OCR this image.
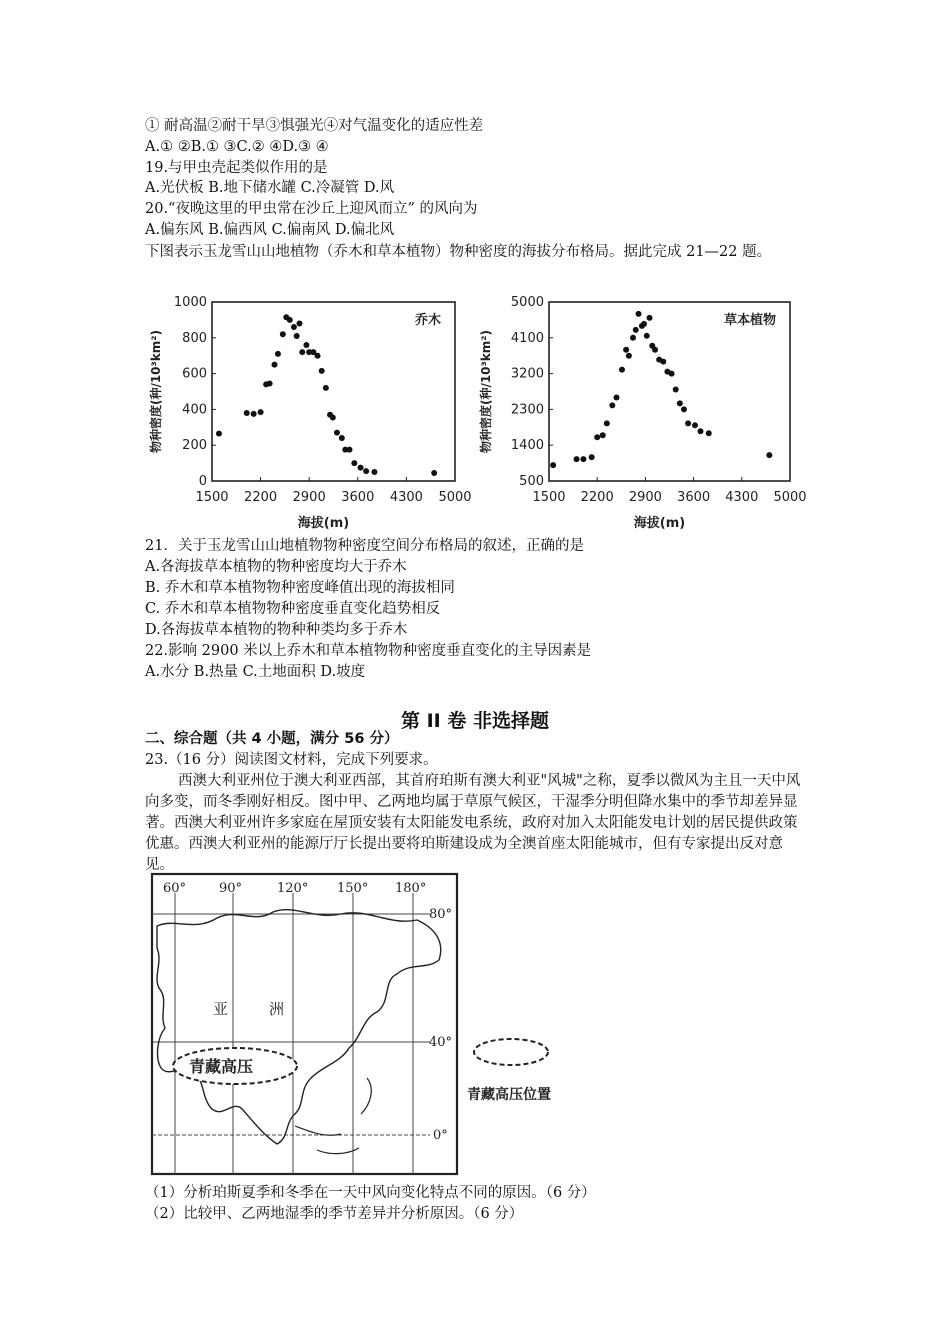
① 耐高温②耐干旱③惧强光④对气温变化的适应性差
A.① ②B.① ③C.② ④D.③ ④
19.与甲虫壳起类似作用的是
A.光伏板 B.地下储水罐 C.冷凝管 D.风
20.“夜晚这里的甲虫常在沙丘上迎风而立” 的风向为
A.偏东风 B.偏西风 C.偏南风 D.偏北风
下图表示玉龙雪山山地植物（乔木和草本植物）物种密度的海拔分布格局。据此完成 21—22 题。
1500 2200 2900 3600 4300 5000
0
200
400
600
800
1000
乔木
海拔(m)
物种密度(种/10³km²)
1500 2200 2900 3600 4300 5000
500
1400
2300
3200
4100
5000
草本植物
海拔(m)
物种密度(种/10³km²)
21．关于玉龙雪山山地植物物种密度空间分布格局的叙述，正确的是
A.各海拔草本植物的物种密度均大于乔木
B. 乔木和草本植物物种密度峰值出现的海拔相同
C. 乔木和草本植物物种密度垂直变化趋势相反
D.各海拔草本植物的物种种类均多于乔木
22.影响 2900 米以上乔木和草本植物物种密度垂直变化的主导因素是
A.水分 B.热量 C.土地面积 D.坡度
第 II 卷 非选择题
二、综合题（共 4 小题，满分 56 分）
23.（16 分）阅读图文材料，完成下列要求。
西澳大利亚州位于澳大利亚西部，其首府珀斯有澳大利亚"风城"之称，夏季以微风为主且一天中风向多变，而冬季刚好相反。图中甲、乙两地均属于草原气候区，干湿季分明但降水集中的季节却差异显著。西澳大利亚州许多家庭在屋顶安装有太阳能发电系统，政府对加入太阳能发电计划的居民提供政策优惠。西澳大利亚州的能源厅厅长提出要将珀斯建设成为全澳首座太阳能城市，但有专家提出反对意见。
60°	90°	120° 150° 180°
80°
40°
0°
亚	洲
青藏高压
青藏高压位置
（1）分析珀斯夏季和冬季在一天中风向变化特点不同的原因。（6 分）
（2）比较甲、乙两地湿季的季节差异并分析原因。（6 分）
